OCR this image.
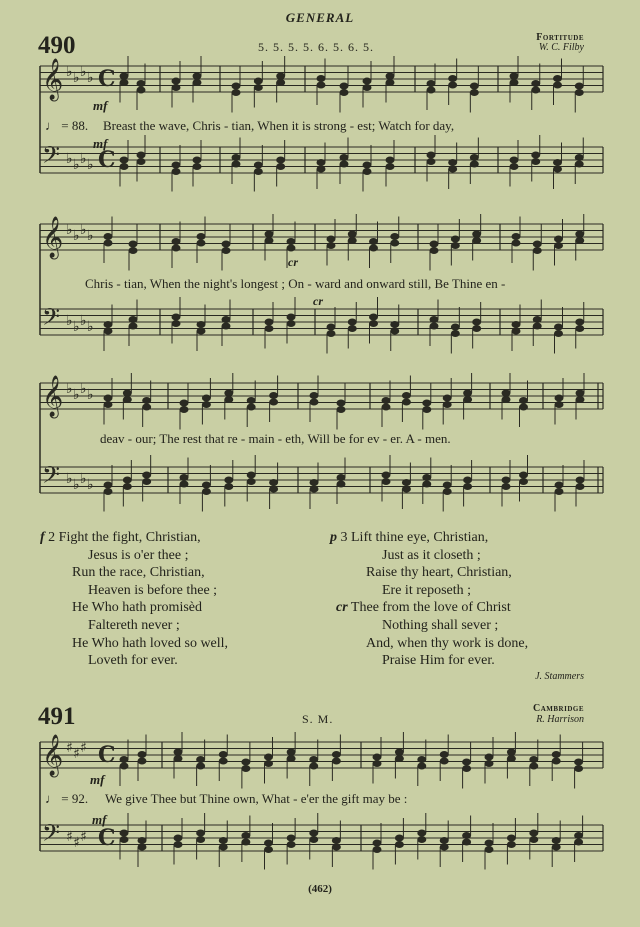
GENERAL
490	5. 5. 5. 5. 6. 5. 6. 5.
Fortitude
W. C. Filby
𝄞
𝄢
♭
♭
♭
♭
♭
♭
♭
♭
C
C
𝄞
𝄢
♭
♭
♭
♭
♭
♭
♭
♭
𝄞
𝄢
♭
♭
♭
♭
♭
♭
♭
♭
𝄞
𝄢
♯
♯
♯
♯
♯
♯
C
C
mf
♩ = 88. Breast the wave, Chris - tian, When it is strong - est; Watch for day,
mf
cr
Chris - tian, When the night's longest ; On - ward and onward still, Be Thine en -
cr
deav - our; The rest that re - main - eth, Will be for ev - er. A - men.
f 2 Fight the fight, Christian,
Jesus is o'er thee ;
Run the race, Christian,
Heaven is before thee ;
He Who hath promisèd
Faltereth never ;
He Who hath loved so well,
Loveth for ever.
p 3 Lift thine eye, Christian,
Just as it closeth ;
Raise thy heart, Christian,
Ere it reposeth ;
cr Thee from the love of Christ
Nothing shall sever ;
And, when thy work is done,
Praise Him for ever.
J. Stammers
491	S. M.
Cambridge
R. Harrison
mf
♩ = 92. We give Thee but Thine own, What - e'er the gift may be :
mf
(462)
